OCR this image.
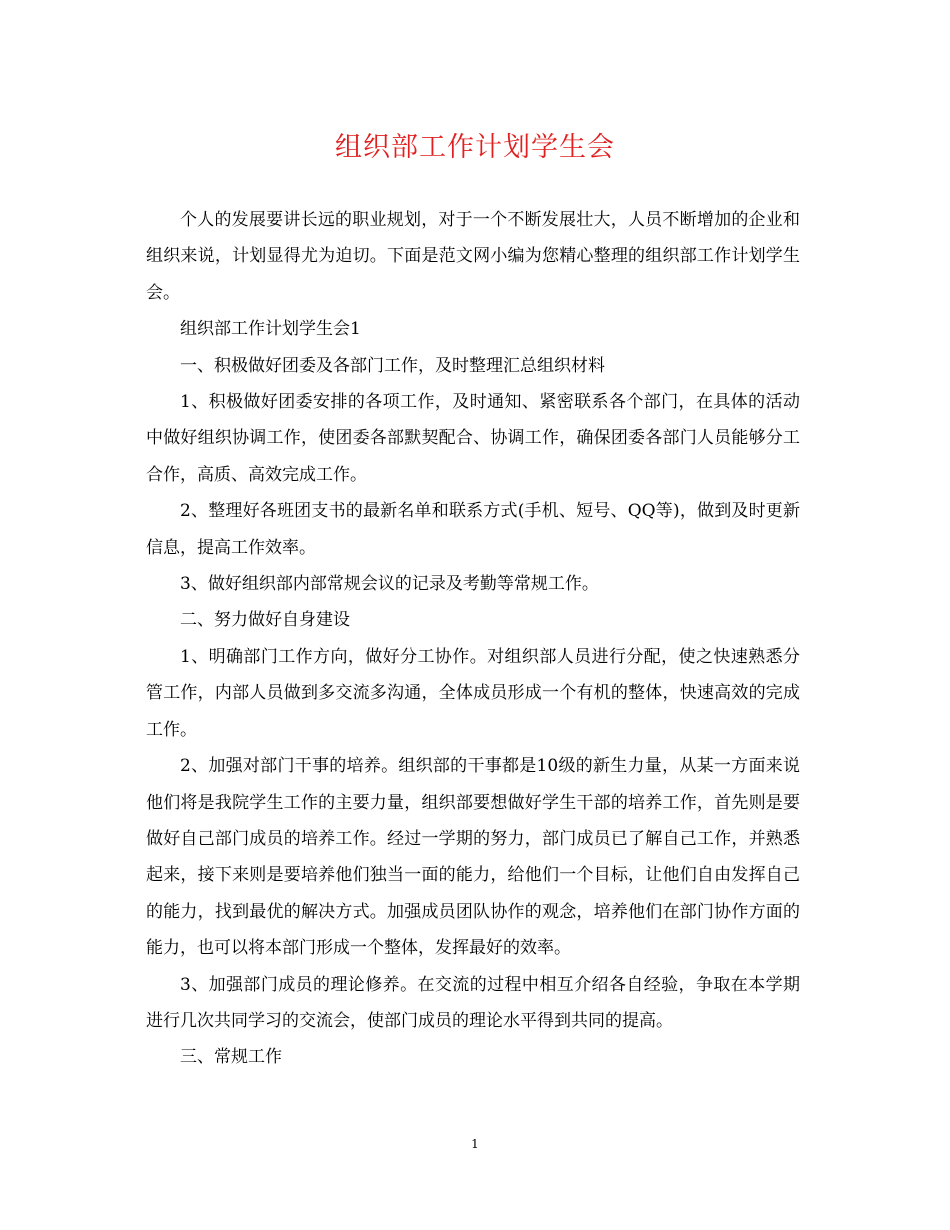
组织部工作计划学生会

个人的发展要讲长远的职业规划，对于一个不断发展壮大，人员不断增加的企业和组织来说，计划显得尤为迫切。下面是范文网小编为您精心整理的组织部工作计划学生会。

组织部工作计划学生会1

一、积极做好团委及各部门工作，及时整理汇总组织材料

1、积极做好团委安排的各项工作，及时通知、紧密联系各个部门，在具体的活动中做好组织协调工作，使团委各部默契配合、协调工作，确保团委各部门人员能够分工合作，高质、高效完成工作。

2、整理好各班团支书的最新名单和联系方式(手机、短号、QQ等)，做到及时更新信息，提高工作效率。

3、做好组织部内部常规会议的记录及考勤等常规工作。

二、努力做好自身建设

1、明确部门工作方向，做好分工协作。对组织部人员进行分配，使之快速熟悉分管工作，内部人员做到多交流多沟通，全体成员形成一个有机的整体，快速高效的完成工作。

2、加强对部门干事的培养。组织部的干事都是10级的新生力量，从某一方面来说他们将是我院学生工作的主要力量，组织部要想做好学生干部的培养工作，首先则是要做好自己部门成员的培养工作。经过一学期的努力，部门成员已了解自己工作，并熟悉起来，接下来则是要培养他们独当一面的能力，给他们一个目标，让他们自由发挥自己的能力，找到最优的解决方式。加强成员团队协作的观念，培养他们在部门协作方面的能力，也可以将本部门形成一个整体，发挥最好的效率。

3、加强部门成员的理论修养。在交流的过程中相互介绍各自经验，争取在本学期进行几次共同学习的交流会，使部门成员的理论水平得到共同的提高。

三、常规工作

1
